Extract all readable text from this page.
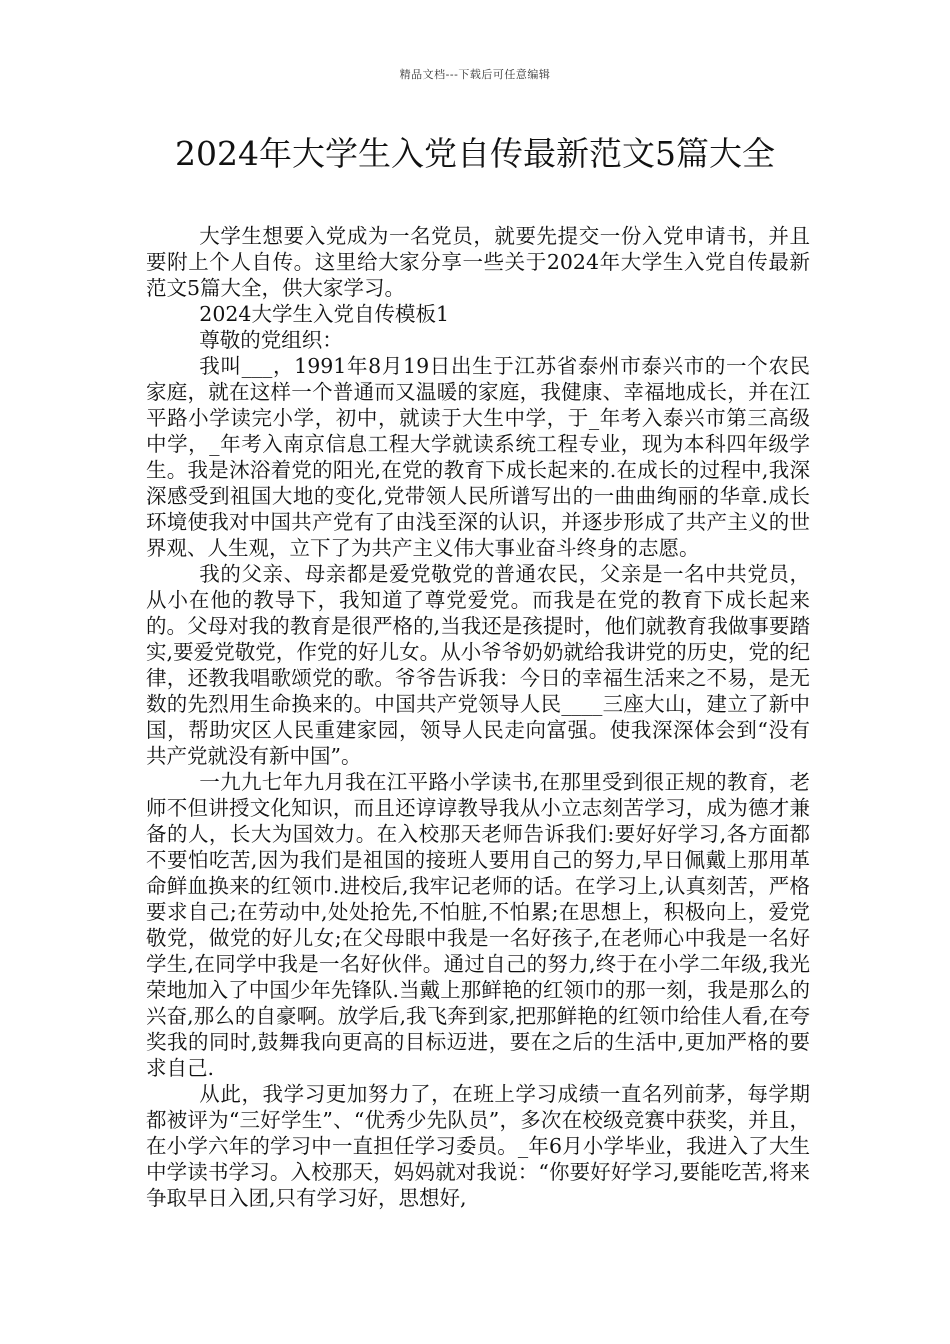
精品文档---下载后可任意编辑
2024年大学生入党自传最新范文5篇大全

大学生想要入党成为一名党员，就要先提交一份入党申请书，并且要附上个人自传。这里给大家分享一些关于2024年大学生入党自传最新范文5篇大全，供大家学习。

2024大学生入党自传模板1

尊敬的党组织：

我叫___，1991年8月19日出生于江苏省泰州市泰兴市的一个农民家庭，就在这样一个普通而又温暖的家庭，我健康、幸福地成长，并在江平路小学读完小学，初中，就读于大生中学，于_年考入泰兴市第三高级中学，_年考入南京信息工程大学就读系统工程专业，现为本科四年级学生。我是沐浴着党的阳光,在党的教育下成长起来的.在成长的过程中,我深深感受到祖国大地的变化,党带领人民所谱写出的一曲曲绚丽的华章.成长环境使我对中国共产党有了由浅至深的认识，并逐步形成了共产主义的世界观、人生观，立下了为共产主义伟大事业奋斗终身的志愿。

我的父亲、母亲都是爱党敬党的普通农民，父亲是一名中共党员，从小在他的教导下，我知道了尊党爱党。而我是在党的教育下成长起来的。父母对我的教育是很严格的,当我还是孩提时，他们就教育我做事要踏实,要爱党敬党，作党的好儿女。从小爷爷奶奶就给我讲党的历史，党的纪律，还教我唱歌颂党的歌。爷爷告诉我：今日的幸福生活来之不易，是无数的先烈用生命换来的。中国共产党领导人民____三座大山，建立了新中国，帮助灾区人民重建家园，领导人民走向富强。使我深深体会到“没有共产党就没有新中国”。

一九九七年九月我在江平路小学读书,在那里受到很正规的教育，老师不但讲授文化知识，而且还谆谆教导我从小立志刻苦学习，成为德才兼备的人，长大为国效力。在入校那天老师告诉我们:要好好学习,各方面都不要怕吃苦,因为我们是祖国的接班人要用自己的努力,早日佩戴上那用革命鲜血换来的红领巾.进校后,我牢记老师的话。在学习上,认真刻苦，严格要求自己;在劳动中,处处抢先,不怕脏,不怕累;在思想上，积极向上，爱党敬党，做党的好儿女;在父母眼中我是一名好孩子,在老师心中我是一名好学生,在同学中我是一名好伙伴。通过自己的努力,终于在小学二年级,我光荣地加入了中国少年先锋队.当戴上那鲜艳的红领巾的那一刻，我是那么的兴奋,那么的自豪啊。放学后,我飞奔到家,把那鲜艳的红领巾给佳人看,在夸奖我的同时,鼓舞我向更高的目标迈进，要在之后的生活中,更加严格的要求自己.

从此，我学习更加努力了，在班上学习成绩一直名列前茅，每学期都被评为“三好学生”、“优秀少先队员”，多次在校级竞赛中获奖，并且，在小学六年的学习中一直担任学习委员。_年6月小学毕业，我进入了大生中学读书学习。入校那天，妈妈就对我说：“你要好好学习,要能吃苦,将来争取早日入团,只有学习好，思想好,
